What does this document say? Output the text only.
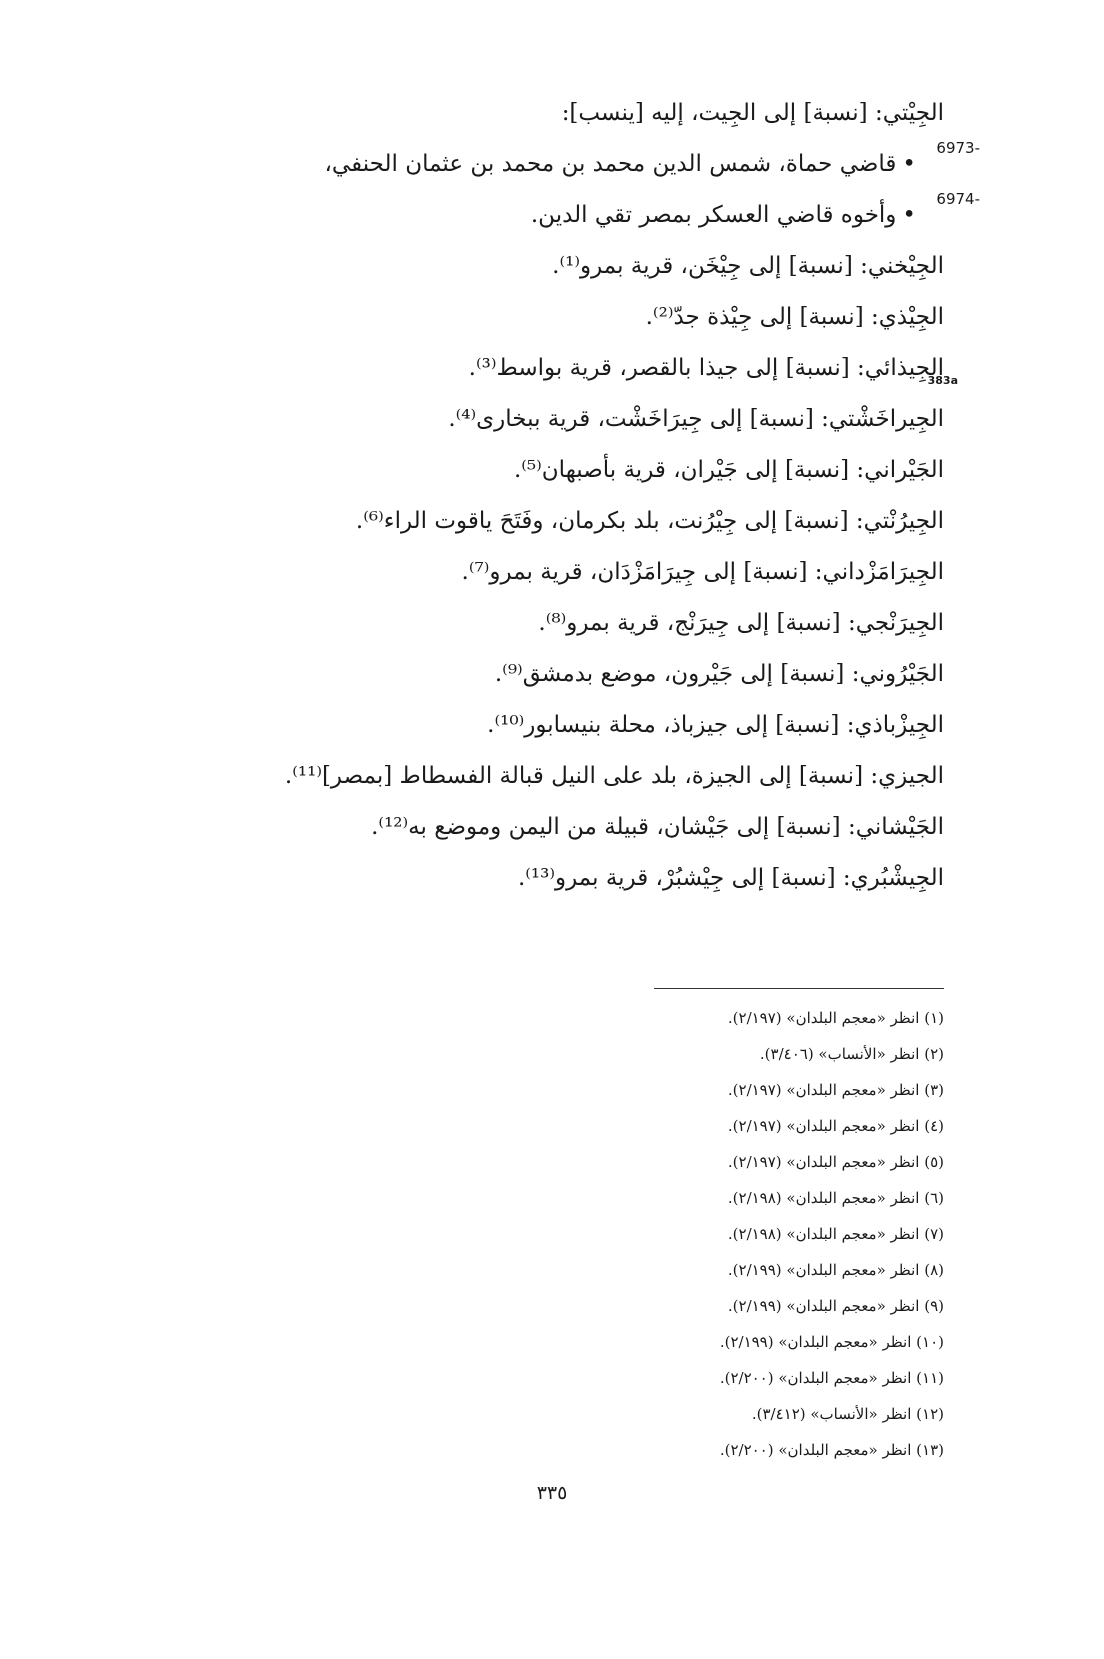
الجِيْتي: [نسبة] إلى الجِيت، إليه [ينسب]:
•قاضي حماة، شمس الدين محمد بن محمد بن عثمان الحنفي،
•وأخوه قاضي العسكر بمصر تقي الدين.
الجِيْخني: [نسبة] إلى جِيْخَن، قرية بمرو⁽¹⁾.
الجِيْذي: [نسبة] إلى جِيْذة جدّ⁽²⁾.
الجِيذائي: [نسبة] إلى جيذا بالقصر، قرية بواسط⁽³⁾.
الجِيراخَشْتي: [نسبة] إلى جِيرَاخَشْت، قرية ببخارى⁽⁴⁾.
الجَيْراني: [نسبة] إلى جَيْران، قرية بأصبهان⁽⁵⁾.
الجِيرُنْتي: [نسبة] إلى جِيْرُنت، بلد بكرمان، وفَتَحَ ياقوت الراء⁽⁶⁾.
الجِيرَامَزْداني: [نسبة] إلى جِيرَامَزْدَان، قرية بمرو⁽⁷⁾.
الجِيرَنْجي: [نسبة] إلى جِيرَنْج، قرية بمرو⁽⁸⁾.
الجَيْرُوني: [نسبة] إلى جَيْرون، موضع بدمشق⁽⁹⁾.
الجِيزْباذي: [نسبة] إلى جيزباذ، محلة بنيسابور⁽¹⁰⁾.
الجيزي: [نسبة] إلى الجيزة، بلد على النيل قبالة الفسطاط [بمصر]⁽¹¹⁾.
الجَيْشاني: [نسبة] إلى جَيْشان، قبيلة من اليمن وموضع به⁽¹²⁾.
الجِيشْبُري: [نسبة] إلى جِيْشبُرْ، قرية بمرو⁽¹³⁾.
6973-
6974-
383a
(١) انظر «معجم البلدان» (٢/١٩٧).
(٢) انظر «الأنساب» (٣/٤٠٦).
(٣) انظر «معجم البلدان» (٢/١٩٧).
(٤) انظر «معجم البلدان» (٢/١٩٧).
(٥) انظر «معجم البلدان» (٢/١٩٧).
(٦) انظر «معجم البلدان» (٢/١٩٨).
(٧) انظر «معجم البلدان» (٢/١٩٨).
(٨) انظر «معجم البلدان» (٢/١٩٩).
(٩) انظر «معجم البلدان» (٢/١٩٩).
(١٠) انظر «معجم البلدان» (٢/١٩٩).
(١١) انظر «معجم البلدان» (٢/٢٠٠).
(١٢) انظر «الأنساب» (٣/٤١٢).
(١٣) انظر «معجم البلدان» (٢/٢٠٠).
٣٣٥
